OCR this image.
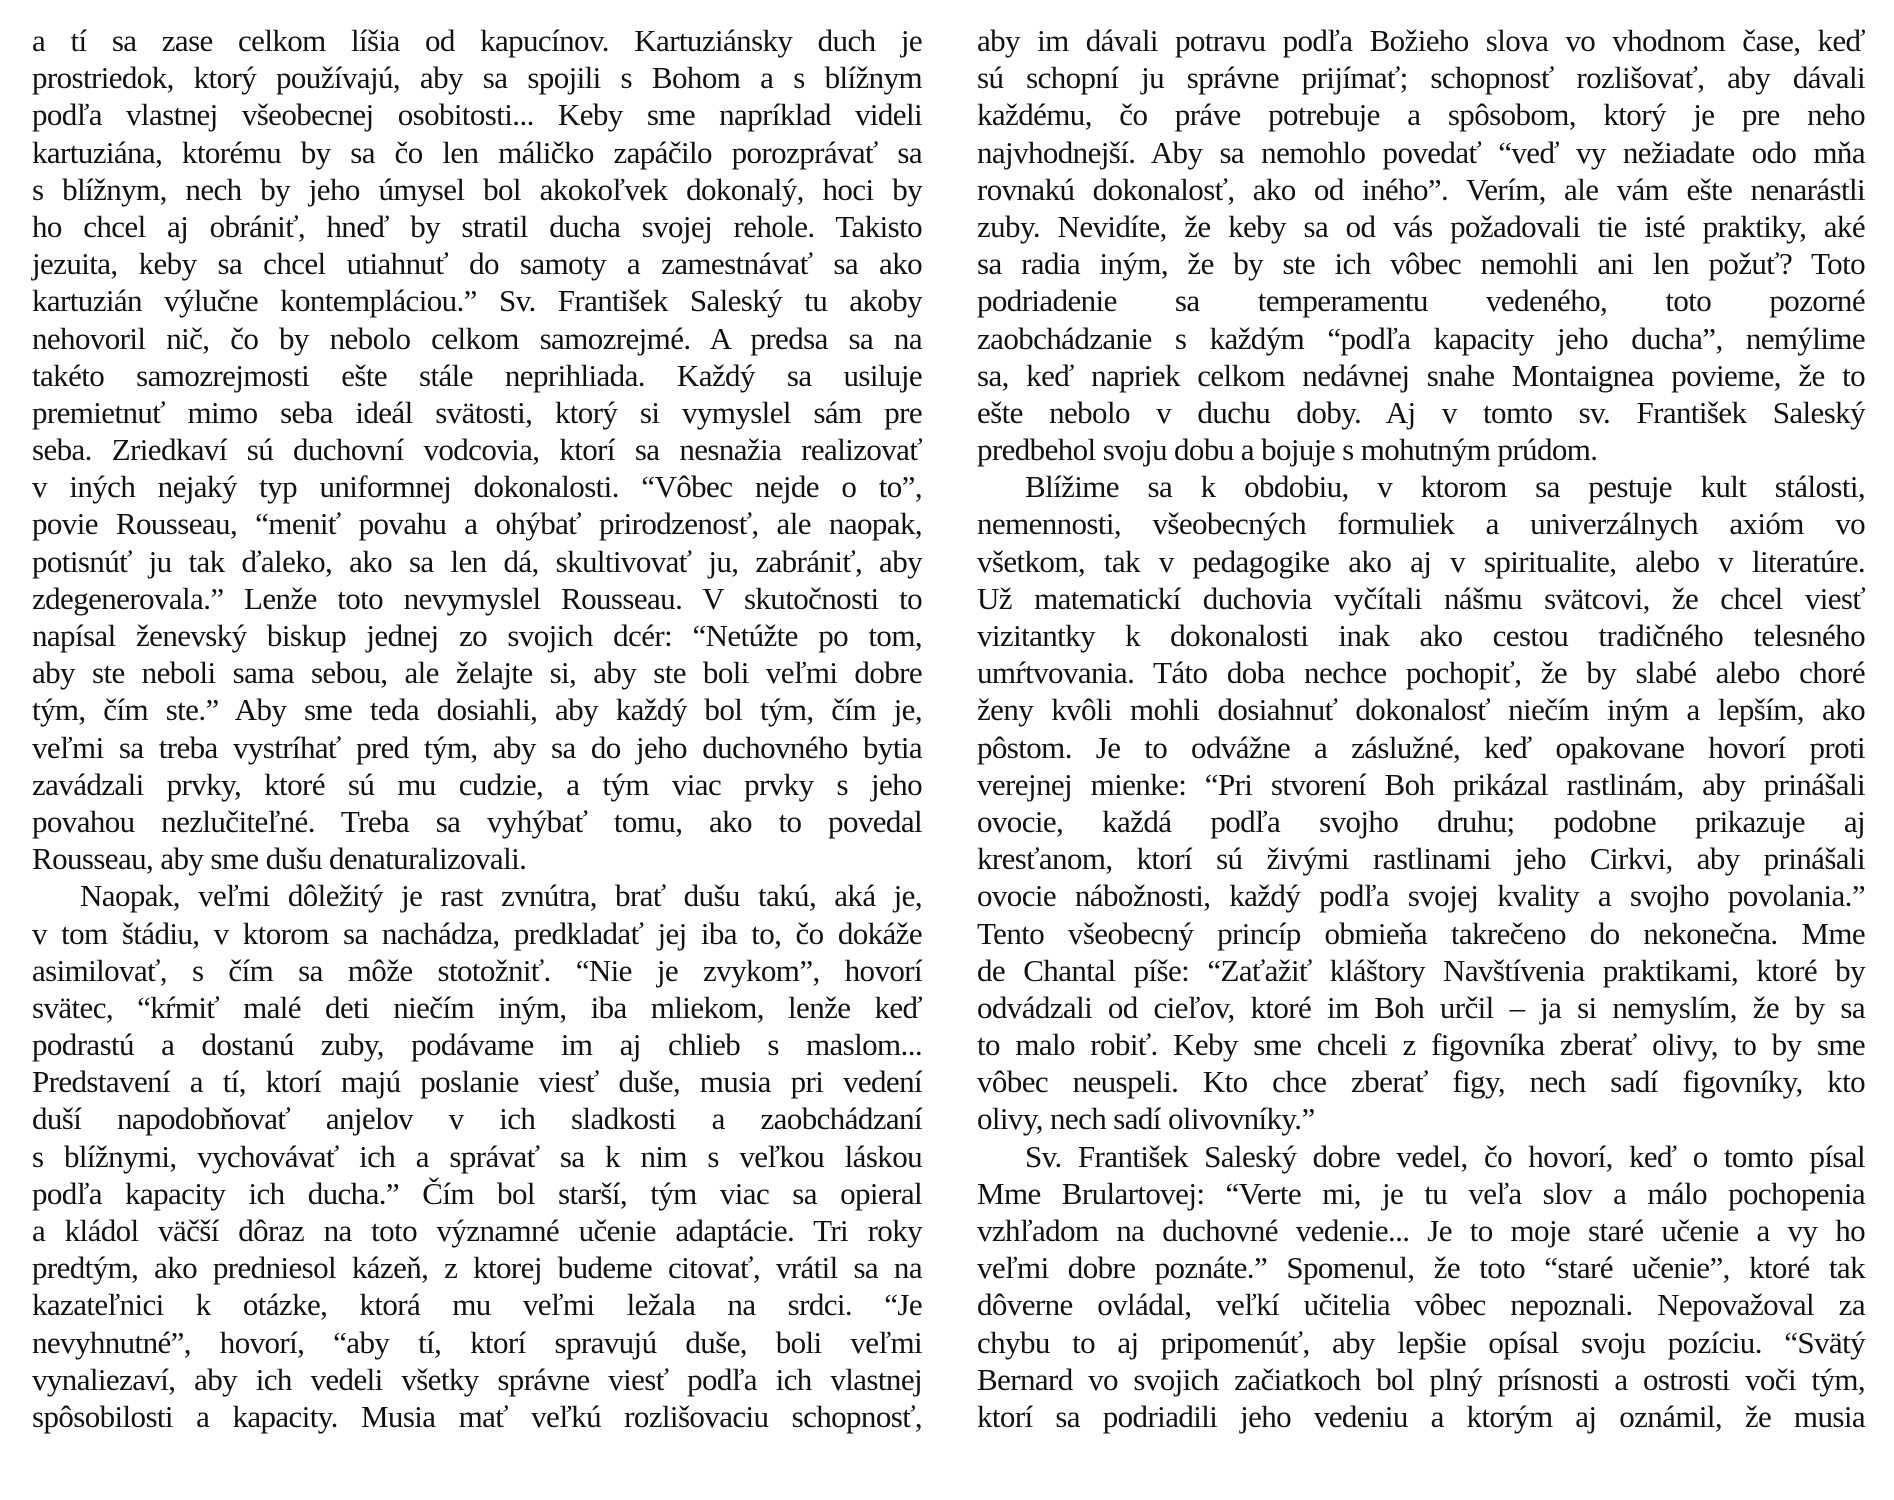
a tí sa zase celkom líšia od kapucínov. Kartuziánsky duch je
prostriedok, ktorý používajú, aby sa spojili s Bohom a s blížnym
podľa vlastnej všeobecnej osobitosti... Keby sme napríklad videli
kartuziána, ktorému by sa čo len máličko zapáčilo porozprávať sa
s blížnym, nech by jeho úmysel bol akokoľvek dokonalý, hoci by
ho chcel aj obrániť, hneď by stratil ducha svojej rehole. Takisto
jezuita, keby sa chcel utiahnuť do samoty a zamestnávať sa ako
kartuzián výlučne kontempláciou.” Sv. František Saleský tu akoby
nehovoril nič, čo by nebolo celkom samozrejmé. A predsa sa na
takéto samozrejmosti ešte stále neprihliada. Každý sa usiluje
premietnuť mimo seba ideál svätosti, ktorý si vymyslel sám pre
seba. Zriedkaví sú duchovní vodcovia, ktorí sa nesnažia realizovať
v iných nejaký typ uniformnej dokonalosti. “Vôbec nejde o to”,
povie Rousseau, “meniť povahu a ohýbať prirodzenosť, ale naopak,
potisnúť ju tak ďaleko, ako sa len dá, skultivovať ju, zabrániť, aby
zdegenerovala.” Lenže toto nevymyslel Rousseau. V skutočnosti to
napísal ženevský biskup jednej zo svojich dcér: “Netúžte po tom,
aby ste neboli sama sebou, ale želajte si, aby ste boli veľmi dobre
tým, čím ste.” Aby sme teda dosiahli, aby každý bol tým, čím je,
veľmi sa treba vystríhať pred tým, aby sa do jeho duchovného bytia
zavádzali prvky, ktoré sú mu cudzie, a tým viac prvky s jeho
povahou nezlučiteľné. Treba sa vyhýbať tomu, ako to povedal
Rousseau, aby sme dušu denaturalizovali.
Naopak, veľmi dôležitý je rast zvnútra, brať dušu takú, aká je,
v tom štádiu, v ktorom sa nachádza, predkladať jej iba to, čo dokáže
asimilovať, s čím sa môže stotožniť. “Nie je zvykom”, hovorí
svätec, “kŕmiť malé deti niečím iným, iba mliekom, lenže keď
podrastú a dostanú zuby, podávame im aj chlieb s maslom...
Predstavení a tí, ktorí majú poslanie viesť duše, musia pri vedení
duší napodobňovať anjelov v ich sladkosti a zaobchádzaní
s blížnymi, vychovávať ich a správať sa k nim s veľkou láskou
podľa kapacity ich ducha.” Čím bol starší, tým viac sa opieral
a kládol väčší dôraz na toto významné učenie adaptácie. Tri roky
predtým, ako predniesol kázeň, z ktorej budeme citovať, vrátil sa na
kazateľnici k otázke, ktorá mu veľmi ležala na srdci. “Je
nevyhnutné”, hovorí, “aby tí, ktorí spravujú duše, boli veľmi
vynaliezaví, aby ich vedeli všetky správne viesť podľa ich vlastnej
spôsobilosti a kapacity. Musia mať veľkú rozlišovaciu schopnosť,
aby im dávali potravu podľa Božieho slova vo vhodnom čase, keď
sú schopní ju správne prijímať; schopnosť rozlišovať, aby dávali
každému, čo práve potrebuje a spôsobom, ktorý je pre neho
najvhodnejší. Aby sa nemohlo povedať “veď vy nežiadate odo mňa
rovnakú dokonalosť, ako od iného”. Verím, ale vám ešte nenarástli
zuby. Nevidíte, že keby sa od vás požadovali tie isté praktiky, aké
sa radia iným, že by ste ich vôbec nemohli ani len požuť? Toto
podriadenie sa temperamentu vedeného, toto pozorné
zaobchádzanie s každým “podľa kapacity jeho ducha”, nemýlime
sa, keď napriek celkom nedávnej snahe Montaignea povieme, že to
ešte nebolo v duchu doby. Aj v tomto sv. František Saleský
predbehol svoju dobu a bojuje s mohutným prúdom.
Blížime sa k obdobiu, v ktorom sa pestuje kult stálosti,
nemennosti, všeobecných formuliek a univerzálnych axióm vo
všetkom, tak v pedagogike ako aj v spiritualite, alebo v literatúre.
Už matematickí duchovia vyčítali nášmu svätcovi, že chcel viesť
vizitantky k dokonalosti inak ako cestou tradičného telesného
umŕtvovania. Táto doba nechce pochopiť, že by slabé alebo choré
ženy kvôli mohli dosiahnuť dokonalosť niečím iným a lepším, ako
pôstom. Je to odvážne a záslužné, keď opakovane hovorí proti
verejnej mienke: “Pri stvorení Boh prikázal rastlinám, aby prinášali
ovocie, každá podľa svojho druhu; podobne prikazuje aj
kresťanom, ktorí sú živými rastlinami jeho Cirkvi, aby prinášali
ovocie nábožnosti, každý podľa svojej kvality a svojho povolania.”
Tento všeobecný princíp obmieňa takrečeno do nekonečna. Mme
de Chantal píše: “Zaťažiť kláštory Navštívenia praktikami, ktoré by
odvádzali od cieľov, ktoré im Boh určil – ja si nemyslím, že by sa
to malo robiť. Keby sme chceli z figovníka zberať olivy, to by sme
vôbec neuspeli. Kto chce zberať figy, nech sadí figovníky, kto
olivy, nech sadí olivovníky.”
Sv. František Saleský dobre vedel, čo hovorí, keď o tomto písal
Mme Brulartovej: “Verte mi, je tu veľa slov a málo pochopenia
vzhľadom na duchovné vedenie... Je to moje staré učenie a vy ho
veľmi dobre poznáte.” Spomenul, že toto “staré učenie”, ktoré tak
dôverne ovládal, veľkí učitelia vôbec nepoznali. Nepovažoval za
chybu to aj pripomenúť, aby lepšie opísal svoju pozíciu. “Svätý
Bernard vo svojich začiatkoch bol plný prísnosti a ostrosti voči tým,
ktorí sa podriadili jeho vedeniu a ktorým aj oznámil, že musia
